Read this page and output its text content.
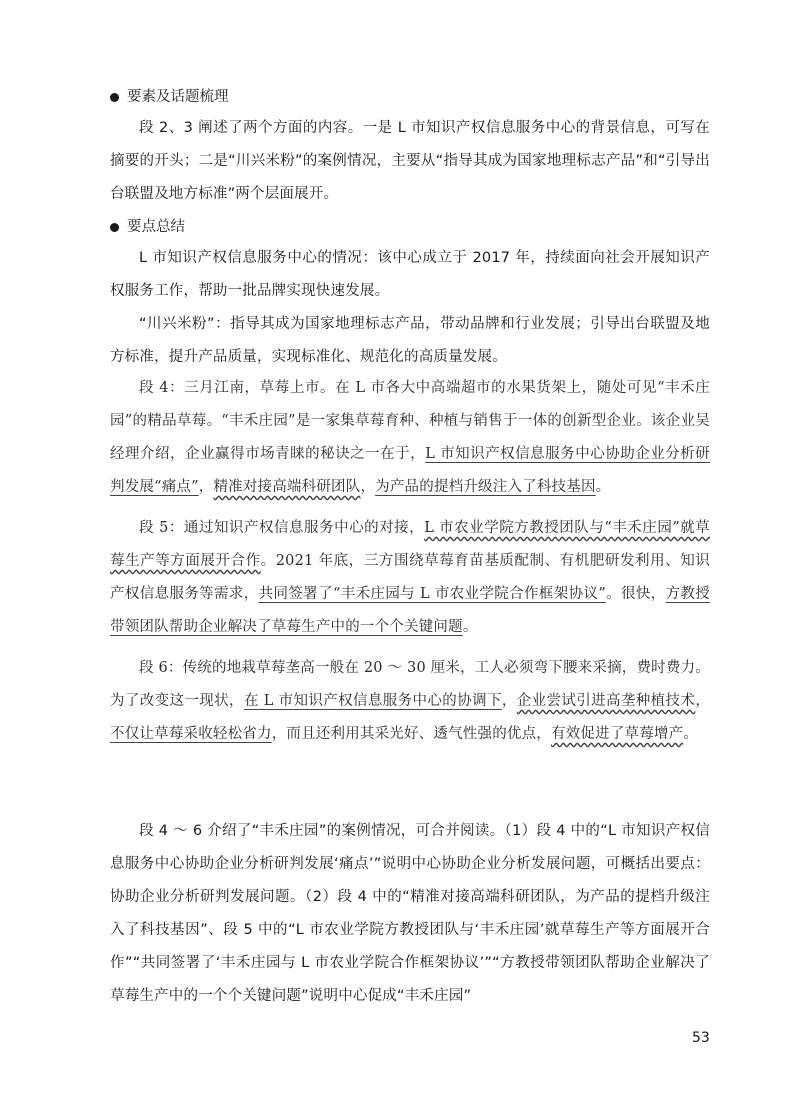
要素及话题梳理

段 2、3 阐述了两个方面的内容。一是 L 市知识产权信息服务中心的背景信息，可写在摘要的开头；二是“川兴米粉”的案例情况，主要从“指导其成为国家地理标志产品”和“引导出台联盟及地方标准”两个层面展开。

要点总结

L 市知识产权信息服务中心的情况：该中心成立于 2017 年，持续面向社会开展知识产权服务工作，帮助一批品牌实现快速发展。

“川兴米粉”：指导其成为国家地理标志产品，带动品牌和行业发展；引导出台联盟及地方标准，提升产品质量，实现标准化、规范化的高质量发展。

段 4：三月江南，草莓上市。在 L 市各大中高端超市的水果货架上，随处可见“丰禾庄园”的精品草莓。“丰禾庄园”是一家集草莓育种、种植与销售于一体的创新型企业。该企业吴经理介绍，企业赢得市场青睐的秘诀之一在于，L 市知识产权信息服务中心协助企业分析研判发展“痛点”，精准对接高端科研团队，为产品的提档升级注入了科技基因。

段 5：通过知识产权信息服务中心的对接，L 市农业学院方教授团队与“丰禾庄园”就草莓生产等方面展开合作。2021 年底，三方围绕草莓育苗基质配制、有机肥研发利用、知识产权信息服务等需求，共同签署了“丰禾庄园与 L 市农业学院合作框架协议”。很快，方教授带领团队帮助企业解决了草莓生产中的一个个关键问题。

段 6：传统的地栽草莓垄高一般在 20 ～ 30 厘米，工人必须弯下腰来采摘，费时费力。为了改变这一现状，在 L 市知识产权信息服务中心的协调下，企业尝试引进高垄种植技术，不仅让草莓采收轻松省力，而且还利用其采光好、透气性强的优点，有效促进了草莓增产。

段 4 ～ 6 介绍了“丰禾庄园”的案例情况，可合并阅读。（1）段 4 中的“L 市知识产权信息服务中心协助企业分析研判发展‘痛点’”说明中心协助企业分析发展问题，可概括出要点：协助企业分析研判发展问题。（2）段 4 中的“精准对接高端科研团队，为产品的提档升级注入了科技基因”、段 5 中的“L 市农业学院方教授团队与‘丰禾庄园’就草莓生产等方面展开合作”“共同签署了‘丰禾庄园与 L 市农业学院合作框架协议’”“方教授带领团队帮助企业解决了草莓生产中的一个个关键问题”说明中心促成“丰禾庄园”

53
